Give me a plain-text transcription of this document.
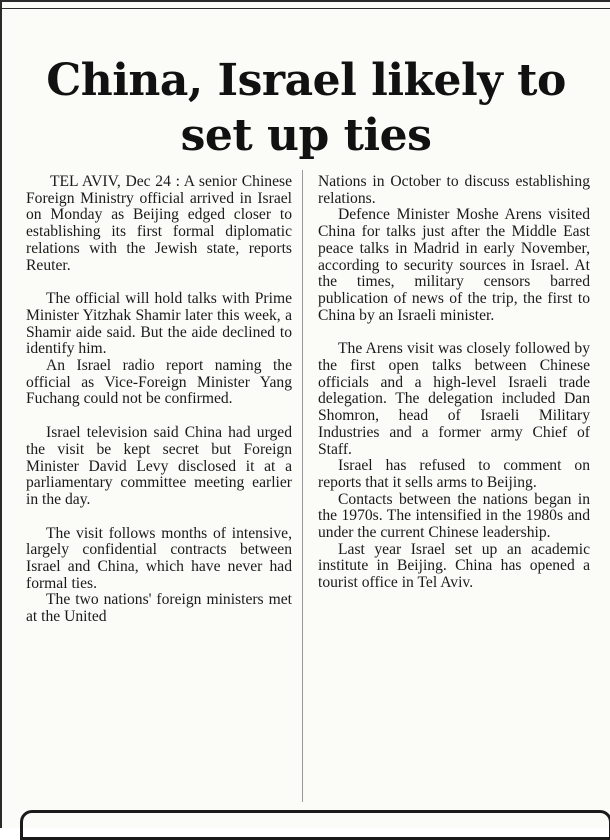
China, Israel likely to set up ties

TEL AVIV, Dec 24 : A senior Chinese Foreign Ministry official arrived in Israel on Monday as Beijing edged closer to establishing its first formal diplomatic relations with the Jewish state, reports Reuter.

The official will hold talks with Prime Minister Yitzhak Shamir later this week, a Shamir aide said. But the aide declined to identify him.

An Israel radio report naming the official as Vice-Foreign Minister Yang Fuchang could not be confirmed.

Israel television said China had urged the visit be kept secret but Foreign Minister David Levy disclosed it at a parliamentary committee meeting earlier in the day.

The visit follows months of intensive, largely confidential contracts between Israel and China, which have never had formal ties.

The two nations' foreign ministers met at the United

Nations in October to discuss establishing relations.

Defence Minister Moshe Arens visited China for talks just after the Middle East peace talks in Madrid in early November, according to security sources in Israel. At the times, military censors barred publication of news of the trip, the first to China by an Israeli minister.

The Arens visit was closely followed by the first open talks between Chinese officials and a high-level Israeli trade delegation. The delegation included Dan Shomron, head of Israeli Military Industries and a former army Chief of Staff.

Israel has refused to comment on reports that it sells arms to Beijing.

Contacts between the nations began in the 1970s. The intensified in the 1980s and under the current Chinese leadership.

Last year Israel set up an academic institute in Beijing. China has opened a tourist office in Tel Aviv.
